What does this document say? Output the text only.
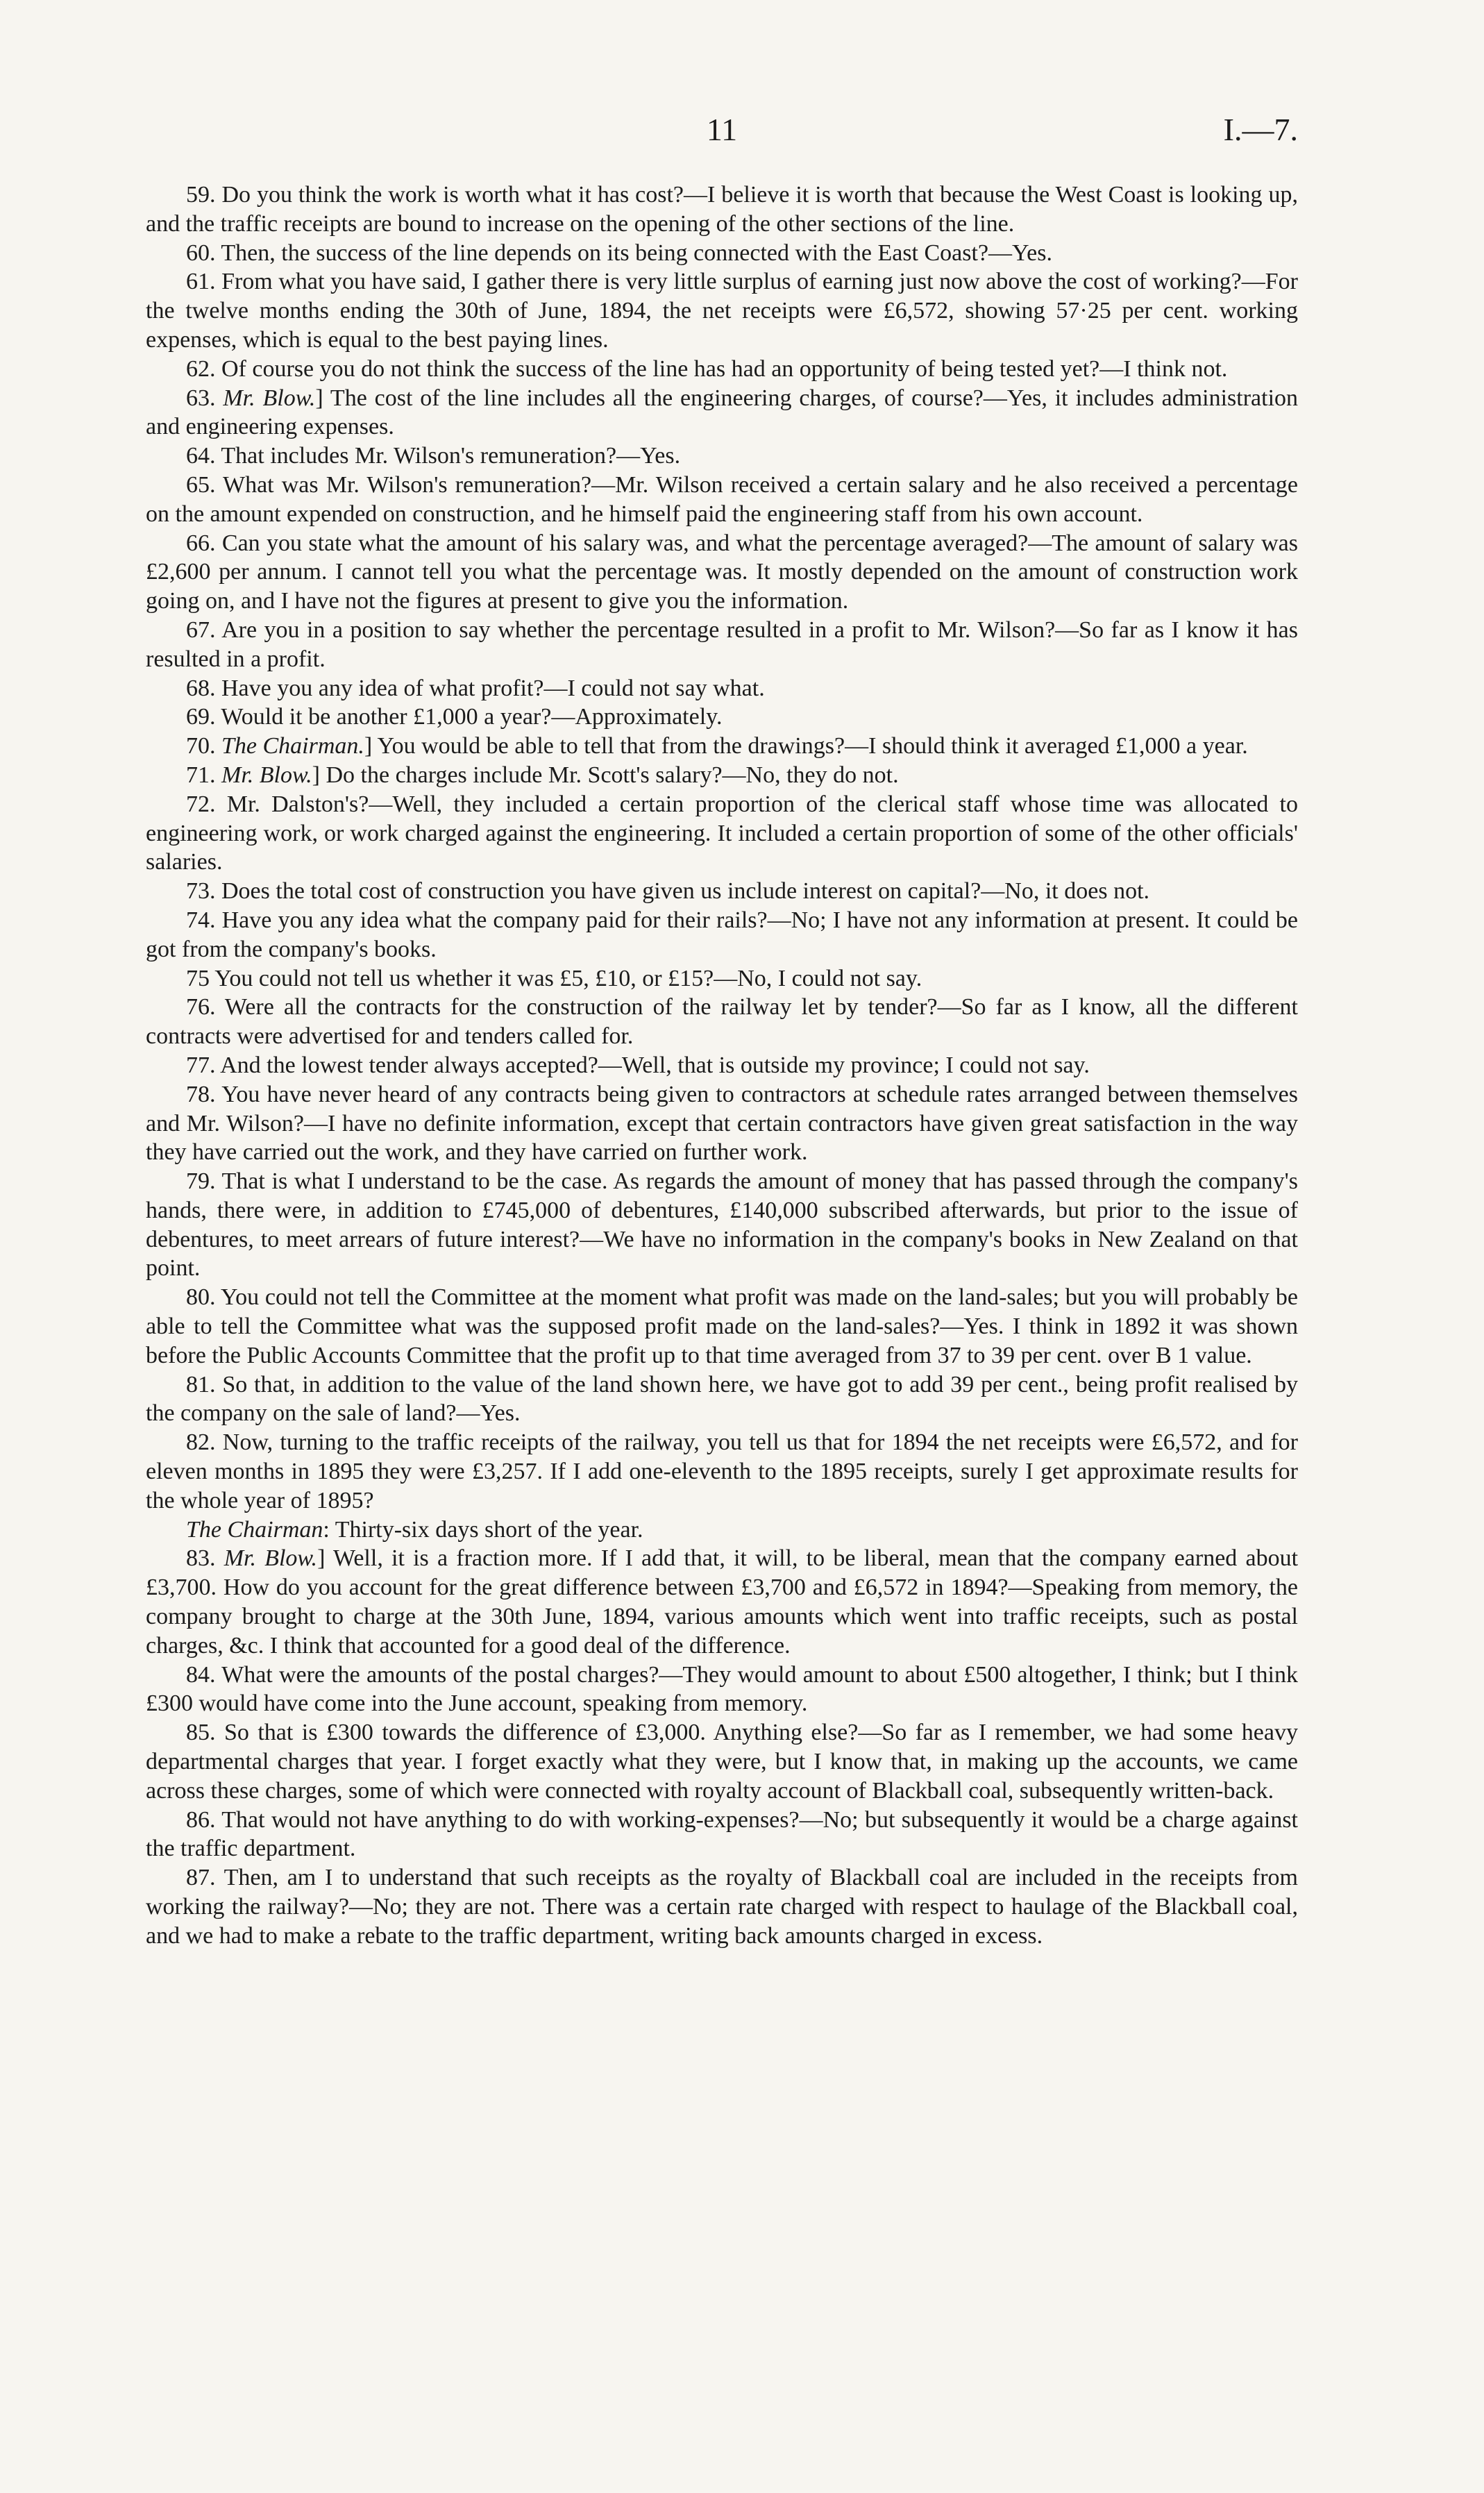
11	I.—7.

59. Do you think the work is worth what it has cost?—I believe it is worth that because the West Coast is looking up, and the traffic receipts are bound to increase on the opening of the other sections of the line.

60. Then, the success of the line depends on its being connected with the East Coast?—Yes.

61. From what you have said, I gather there is very little surplus of earning just now above the cost of working?—For the twelve months ending the 30th of June, 1894, the net receipts were £6,572, showing 57·25 per cent. working expenses, which is equal to the best paying lines.

62. Of course you do not think the success of the line has had an opportunity of being tested yet?—I think not.

63. Mr. Blow.] The cost of the line includes all the engineering charges, of course?—Yes, it includes administration and engineering expenses.

64. That includes Mr. Wilson's remuneration?—Yes.

65. What was Mr. Wilson's remuneration?—Mr. Wilson received a certain salary and he also received a percentage on the amount expended on construction, and he himself paid the engineering staff from his own account.

66. Can you state what the amount of his salary was, and what the percentage averaged?—The amount of salary was £2,600 per annum. I cannot tell you what the percentage was. It mostly depended on the amount of construction work going on, and I have not the figures at present to give you the information.

67. Are you in a position to say whether the percentage resulted in a profit to Mr. Wilson?—So far as I know it has resulted in a profit.

68. Have you any idea of what profit?—I could not say what.

69. Would it be another £1,000 a year?—Approximately.

70. The Chairman.] You would be able to tell that from the drawings?—I should think it averaged £1,000 a year.

71. Mr. Blow.] Do the charges include Mr. Scott's salary?—No, they do not.

72. Mr. Dalston's?—Well, they included a certain proportion of the clerical staff whose time was allocated to engineering work, or work charged against the engineering. It included a certain proportion of some of the other officials' salaries.

73. Does the total cost of construction you have given us include interest on capital?—No, it does not.

74. Have you any idea what the company paid for their rails?—No; I have not any information at present. It could be got from the company's books.

75 You could not tell us whether it was £5, £10, or £15?—No, I could not say.

76. Were all the contracts for the construction of the railway let by tender?—So far as I know, all the different contracts were advertised for and tenders called for.

77. And the lowest tender always accepted?—Well, that is outside my province; I could not say.

78. You have never heard of any contracts being given to contractors at schedule rates arranged between themselves and Mr. Wilson?—I have no definite information, except that certain contractors have given great satisfaction in the way they have carried out the work, and they have carried on further work.

79. That is what I understand to be the case. As regards the amount of money that has passed through the company's hands, there were, in addition to £745,000 of debentures, £140,000 subscribed afterwards, but prior to the issue of debentures, to meet arrears of future interest?—We have no information in the company's books in New Zealand on that point.

80. You could not tell the Committee at the moment what profit was made on the land-sales; but you will probably be able to tell the Committee what was the supposed profit made on the land-sales?—Yes. I think in 1892 it was shown before the Public Accounts Committee that the profit up to that time averaged from 37 to 39 per cent. over B 1 value.

81. So that, in addition to the value of the land shown here, we have got to add 39 per cent., being profit realised by the company on the sale of land?—Yes.

82. Now, turning to the traffic receipts of the railway, you tell us that for 1894 the net receipts were £6,572, and for eleven months in 1895 they were £3,257. If I add one-eleventh to the 1895 receipts, surely I get approximate results for the whole year of 1895?

The Chairman: Thirty-six days short of the year.

83. Mr. Blow.] Well, it is a fraction more. If I add that, it will, to be liberal, mean that the company earned about £3,700. How do you account for the great difference between £3,700 and £6,572 in 1894?—Speaking from memory, the company brought to charge at the 30th June, 1894, various amounts which went into traffic receipts, such as postal charges, &c. I think that accounted for a good deal of the difference.

84. What were the amounts of the postal charges?—They would amount to about £500 altogether, I think; but I think £300 would have come into the June account, speaking from memory.

85. So that is £300 towards the difference of £3,000. Anything else?—So far as I remember, we had some heavy departmental charges that year. I forget exactly what they were, but I know that, in making up the accounts, we came across these charges, some of which were connected with royalty account of Blackball coal, subsequently written-back.

86. That would not have anything to do with working-expenses?—No; but subsequently it would be a charge against the traffic department.

87. Then, am I to understand that such receipts as the royalty of Blackball coal are included in the receipts from working the railway?—No; they are not. There was a certain rate charged with respect to haulage of the Blackball coal, and we had to make a rebate to the traffic department, writing back amounts charged in excess.
